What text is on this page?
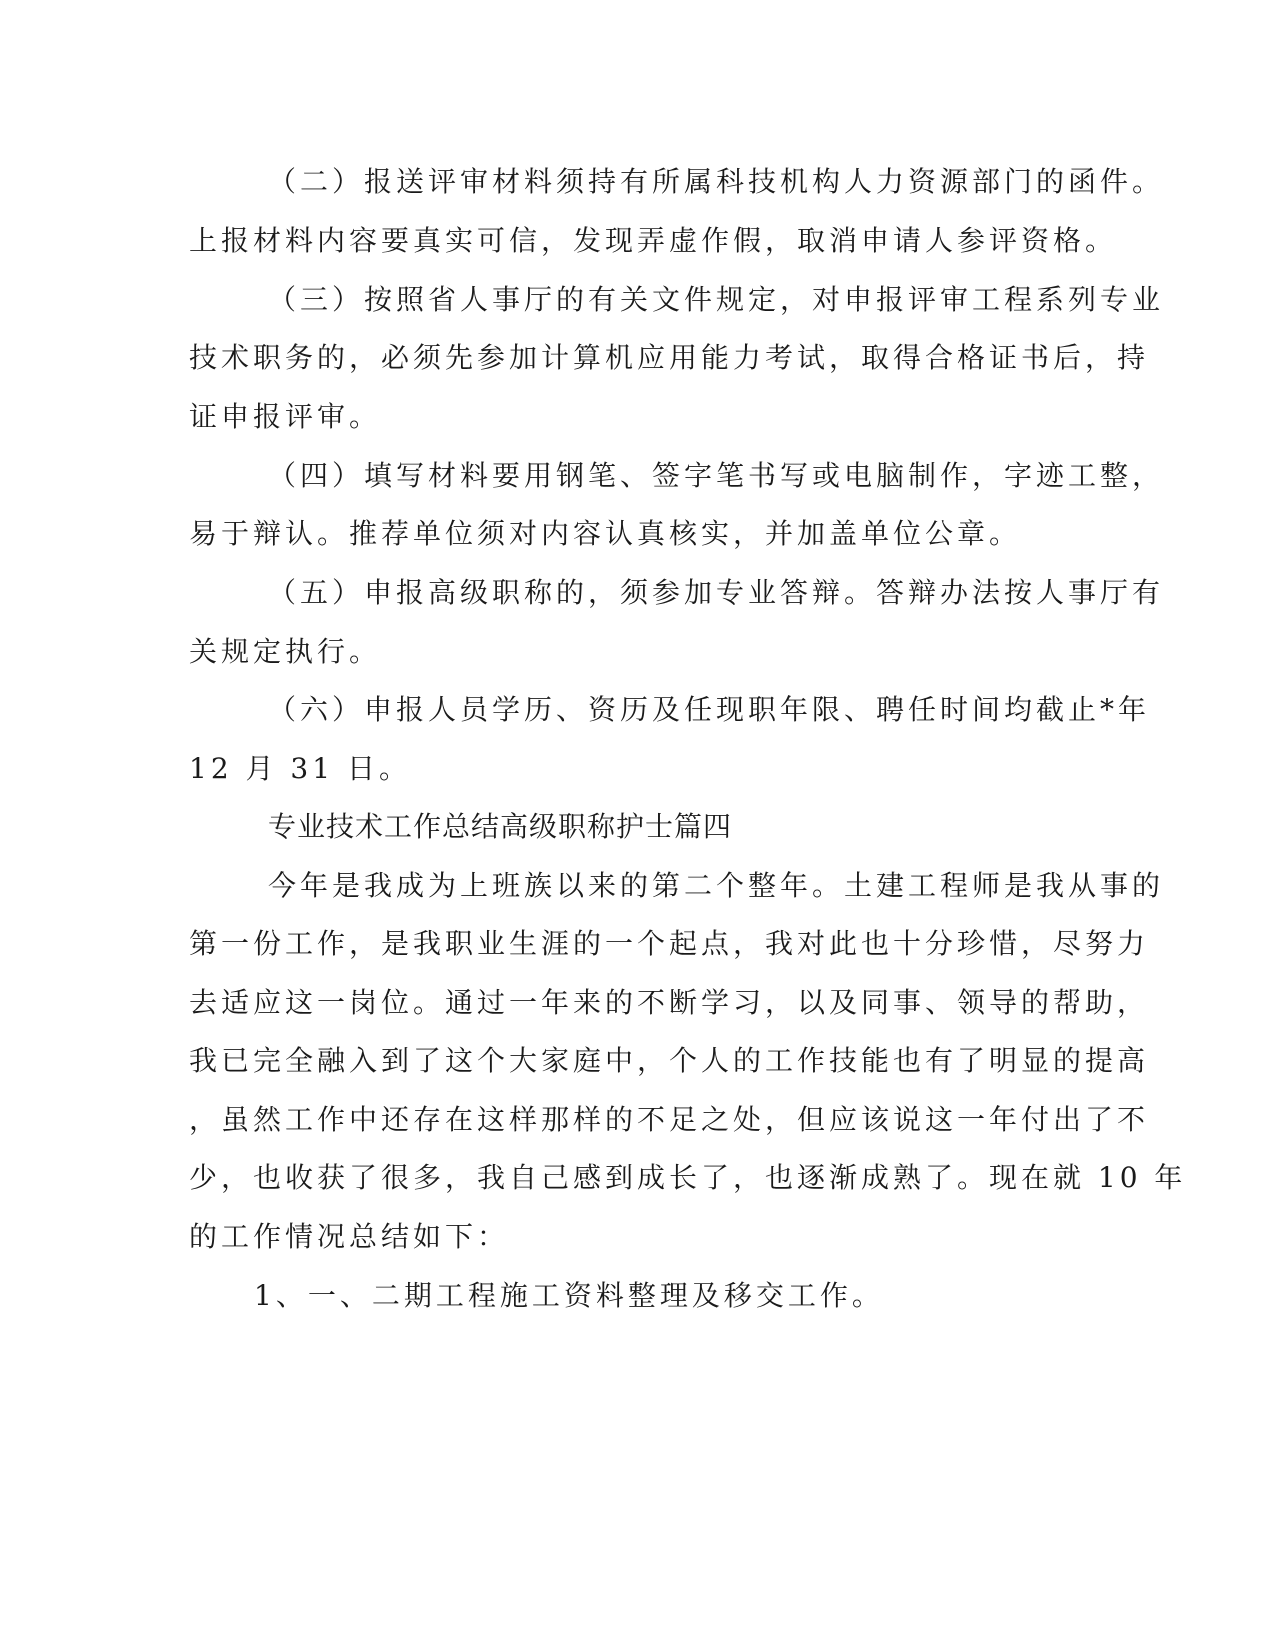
（二）报送评审材料须持有所属科技机构人力资源部门的函件。

上报材料内容要真实可信，发现弄虚作假，取消申请人参评资格。

（三）按照省人事厅的有关文件规定，对申报评审工程系列专业

技术职务的，必须先参加计算机应用能力考试，取得合格证书后，持

证申报评审。

（四）填写材料要用钢笔、签字笔书写或电脑制作，字迹工整，

易于辩认。推荐单位须对内容认真核实，并加盖单位公章。

（五）申报高级职称的，须参加专业答辩。答辩办法按人事厅有

关规定执行。

（六）申报人员学历、资历及任现职年限、聘任时间均截止*年

12 月 31 日。

专业技术工作总结高级职称护士篇四

今年是我成为上班族以来的第二个整年。土建工程师是我从事的

第一份工作，是我职业生涯的一个起点，我对此也十分珍惜，尽努力

去适应这一岗位。通过一年来的不断学习，以及同事、领导的帮助，

我已完全融入到了这个大家庭中，个人的工作技能也有了明显的提高

，虽然工作中还存在这样那样的不足之处，但应该说这一年付出了不

少，也收获了很多，我自己感到成长了，也逐渐成熟了。现在就 10 年

的工作情况总结如下：

1、一、二期工程施工资料整理及移交工作。
